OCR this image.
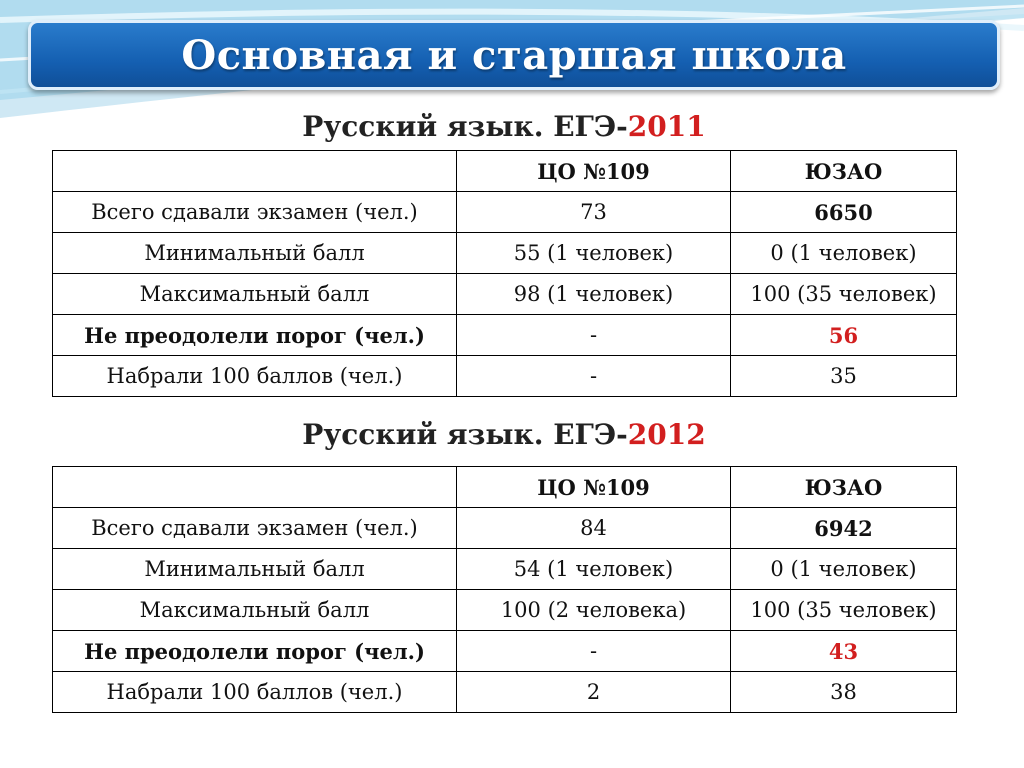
Основная и старшая школа
Русский язык. ЕГЭ-2011
	ЦО №109	ЮЗАО
Всего сдавали экзамен (чел.)	73	6650
Минимальный балл	55 (1 человек)	0 (1 человек)
Максимальный балл	98 (1 человек)	100 (35 человек)
Не преодолели порог (чел.)	-	56
Набрали 100 баллов (чел.)	-	35
Русский язык. ЕГЭ-2012
	ЦО №109	ЮЗАО
Всего сдавали экзамен (чел.)	84	6942
Минимальный балл	54 (1 человек)	0 (1 человек)
Максимальный балл	100 (2 человека)	100 (35 человек)
Не преодолели порог (чел.)	-	43
Набрали 100 баллов (чел.)	2	38
